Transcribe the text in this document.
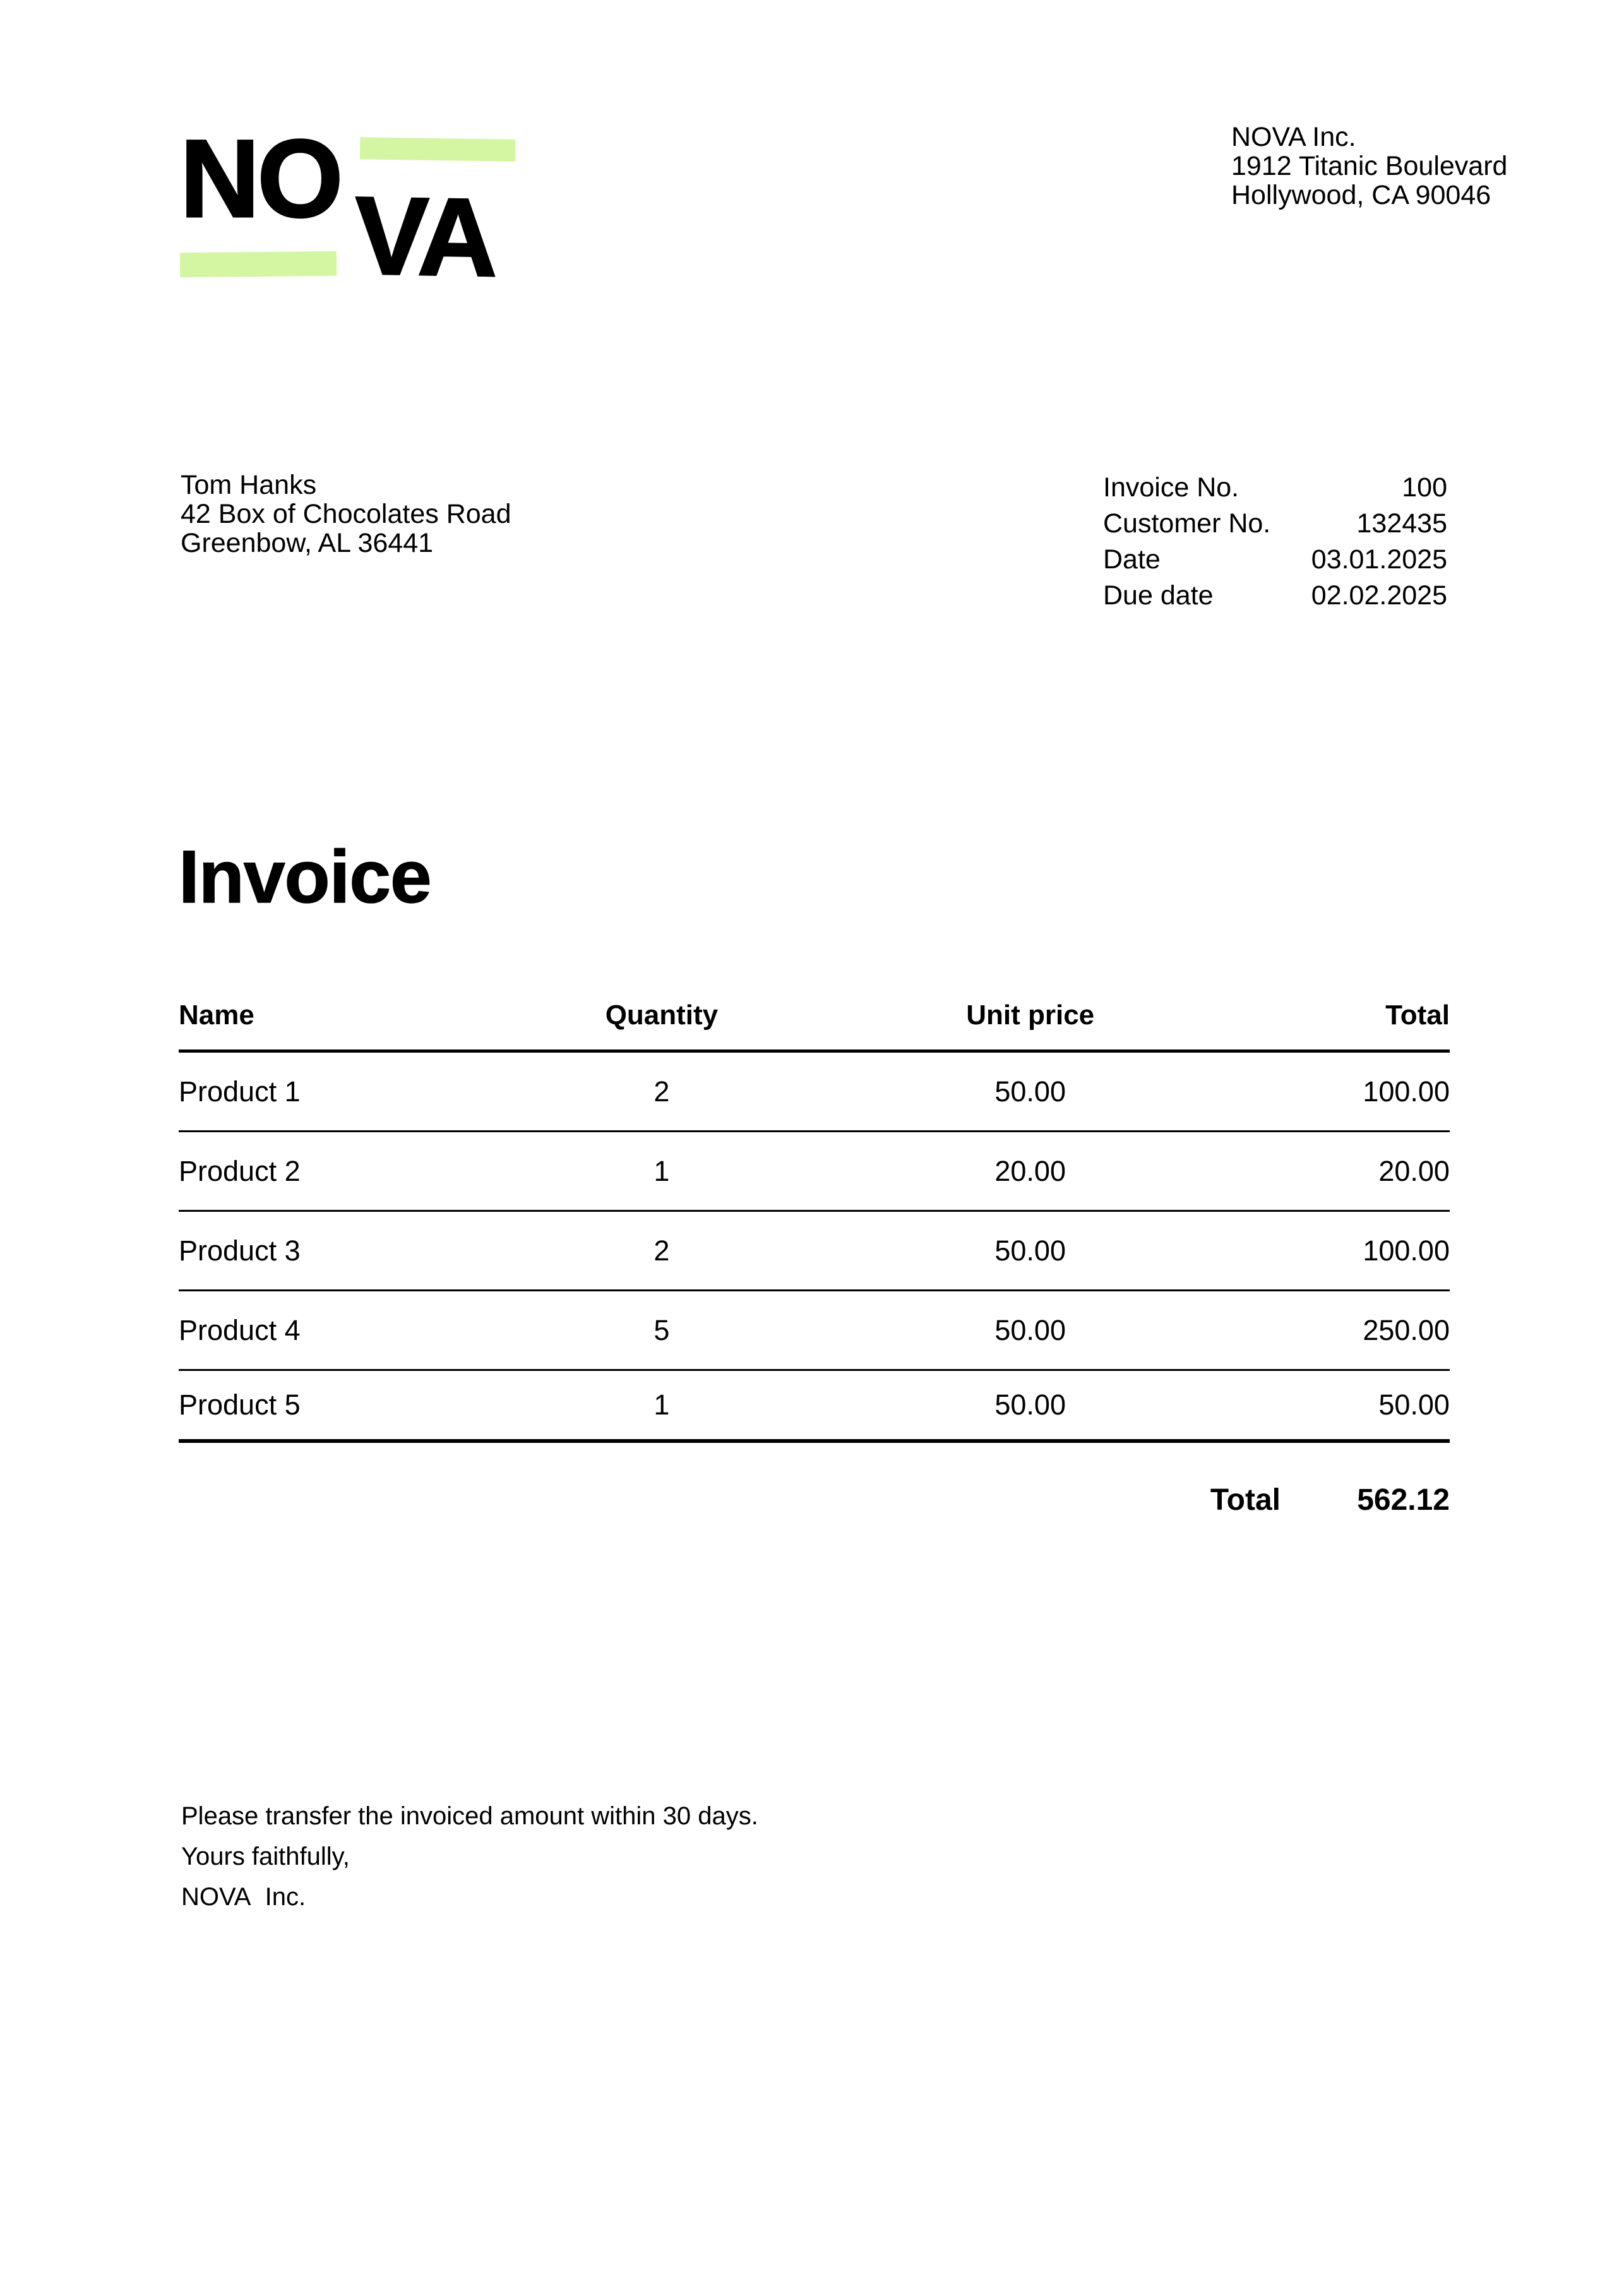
NO VA
NOVA Inc.
1912 Titanic Boulevard
Hollywood, CA 90046
Tom Hanks
42 Box of Chocolates Road
Greenbow, AL 36441
Invoice No.	100
Customer No.	132435
Date	03.01.2025
Due date	02.02.2025
Invoice
Name	Quantity	Unit price	Total
Product 1	2	50.00	100.00
Product 2	1	20.00	20.00
Product 3	2	50.00	100.00
Product 4	5	50.00	250.00
Product 5	1	50.00	50.00
Total	562.12
Please transfer the invoiced amount within 30 days.
Yours faithfully,
NOVA  Inc.
